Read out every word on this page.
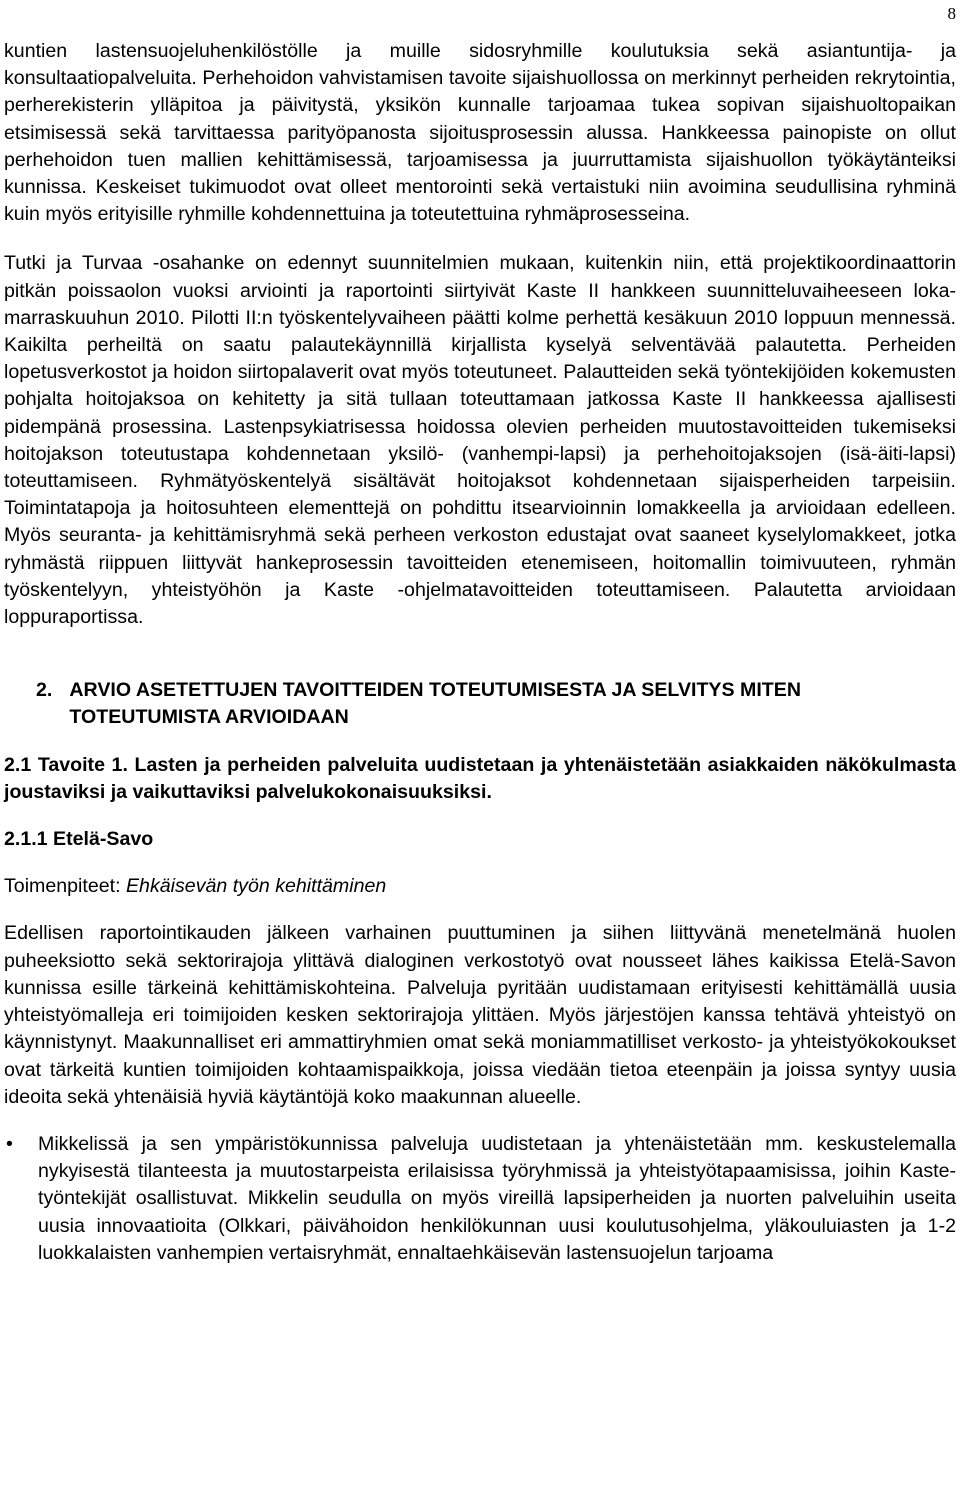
8

kuntien lastensuojeluhenkilöstölle ja muille sidosryhmille koulutuksia sekä asiantuntija- ja konsultaatiopalveluita. Perhehoidon vahvistamisen tavoite sijaishuollossa on merkinnyt perheiden rekrytointia, perherekisterin ylläpitoa ja päivitystä, yksikön kunnalle tarjoamaa tukea sopivan sijaishuoltopaikan etsimisessä sekä tarvittaessa parityöpanosta sijoitusprosessin alussa. Hankkeessa painopiste on ollut perhehoidon tuen mallien kehittämisessä, tarjoamisessa ja juurruttamista sijaishuollon työkäytänteiksi kunnissa. Keskeiset tukimuodot ovat olleet mentorointi sekä vertaistuki niin avoimina seudullisina ryhminä kuin myös erityisille ryhmille kohdennettuina ja toteutettuina ryhmäprosesseina.

Tutki ja Turvaa -osahanke on edennyt suunnitelmien mukaan, kuitenkin niin, että projektikoordinaattorin pitkän poissaolon vuoksi arviointi ja raportointi siirtyivät Kaste II hankkeen suunnitteluvaiheeseen loka-marraskuuhun 2010. Pilotti II:n työskentelyvaiheen päätti kolme perhettä kesäkuun 2010 loppuun mennessä. Kaikilta perheiltä on saatu palautekäynnillä kirjallista kyselyä selventävää palautetta. Perheiden lopetusverkostot ja hoidon siirtopalaverit ovat myös toteutuneet. Palautteiden sekä työntekijöiden kokemusten pohjalta hoitojaksoa on kehitetty ja sitä tullaan toteuttamaan jatkossa Kaste II hankkeessa ajallisesti pidempänä prosessina. Lastenpsykiatrisessa hoidossa olevien perheiden muutostavoitteiden tukemiseksi hoitojakson toteutustapa kohdennetaan yksilö- (vanhempi-lapsi) ja perhehoitojaksojen (isä-äiti-lapsi) toteuttamiseen. Ryhmätyöskentelyä sisältävät hoitojaksot kohdennetaan sijaisperheiden tarpeisiin. Toimintatapoja ja hoitosuhteen elementtejä on pohdittu itsearvioinnin lomakkeella ja arvioidaan edelleen. Myös seuranta- ja kehittämisryhmä sekä perheen verkoston edustajat ovat saaneet kyselylomakkeet, jotka ryhmästä riippuen liittyvät hankeprosessin tavoitteiden etenemiseen, hoitomallin toimivuuteen, ryhmän työskentelyyn, yhteistyöhön ja Kaste -ohjelmatavoitteiden toteuttamiseen. Palautetta arvioidaan loppuraportissa.

2. ARVIO ASETETTUJEN TAVOITTEIDEN TOTEUTUMISESTA JA SELVITYS MITEN TOTEUTUMISTA ARVIOIDAAN

2.1 Tavoite 1. Lasten ja perheiden palveluita uudistetaan ja yhtenäistetään asiakkaiden näkökulmasta joustaviksi ja vaikuttaviksi palvelukokonaisuuksiksi.

2.1.1 Etelä-Savo

Toimenpiteet: Ehkäisevän työn kehittäminen

Edellisen raportointikauden jälkeen varhainen puuttuminen ja siihen liittyvänä menetelmänä huolen puheeksiotto sekä sektorirajoja ylittävä dialoginen verkostotyö ovat nousseet lähes kaikissa Etelä-Savon kunnissa esille tärkeinä kehittämiskohteina. Palveluja pyritään uudistamaan erityisesti kehittämällä uusia yhteistyömalleja eri toimijoiden kesken sektorirajoja ylittäen. Myös järjestöjen kanssa tehtävä yhteistyö on käynnistynyt. Maakunnalliset eri ammattiryhmien omat sekä moniammatilliset verkosto- ja yhteistyökokoukset ovat tärkeitä kuntien toimijoiden kohtaamispaikkoja, joissa viedään tietoa eteenpäin ja joissa syntyy uusia ideoita sekä yhtenäisiä hyviä käytäntöjä koko maakunnan alueelle.

• Mikkelissä ja sen ympäristökunnissa palveluja uudistetaan ja yhtenäistetään mm. keskustelemalla nykyisestä tilanteesta ja muutostarpeista erilaisissa työryhmissä ja yhteistyötapaamisissa, joihin Kaste-työntekijät osallistuvat. Mikkelin seudulla on myös vireillä lapsiperheiden ja nuorten palveluihin useita uusia innovaatioita (Olkkari, päivähoidon henkilökunnan uusi koulutusohjelma, yläkouluiasten ja 1-2 luokkalaisten vanhempien vertaisryhmät, ennaltaehkäisevän lastensuojelun tarjoama
